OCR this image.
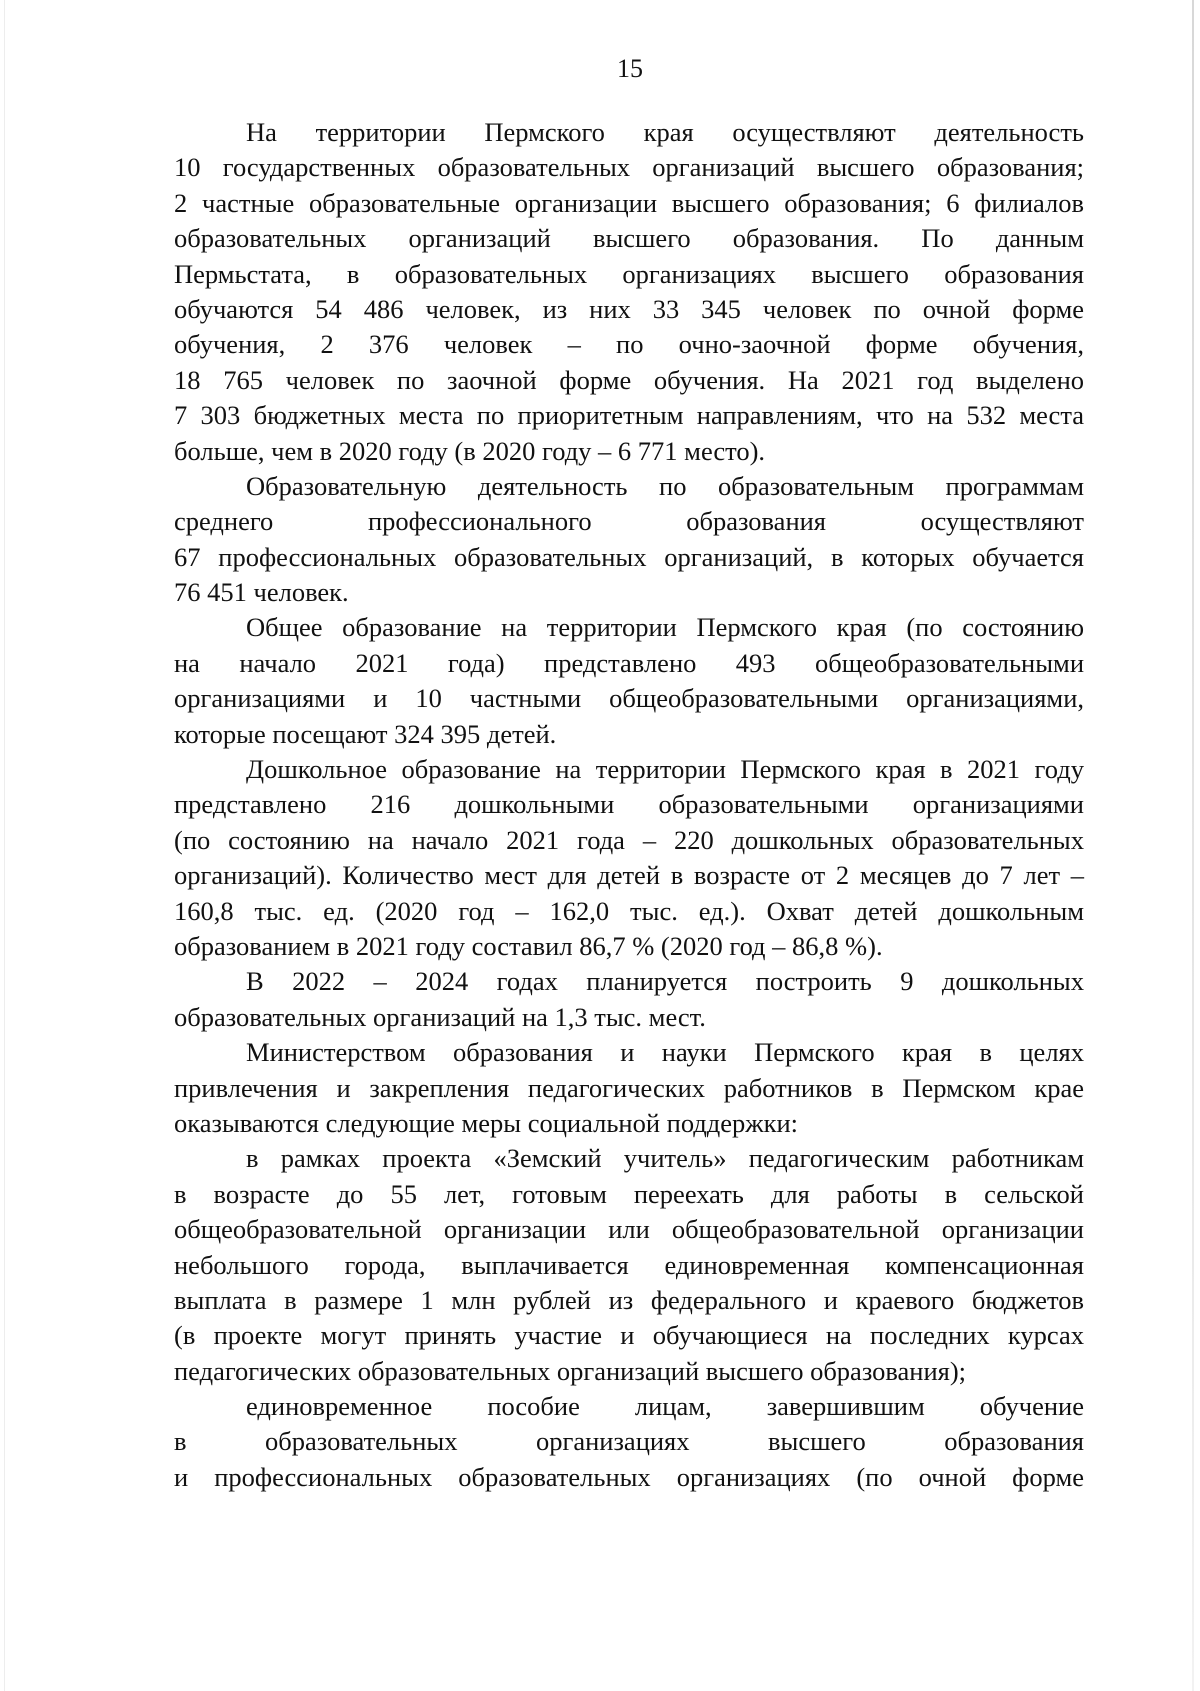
15

На территории Пермского края осуществляют деятельность
10 государственных образовательных организаций высшего образования;
2 частные образовательные организации высшего образования; 6 филиалов
образовательных организаций высшего образования. По данным
Пермьстата, в образовательных организациях высшего образования
обучаются 54 486 человек, из них 33 345 человек по очной форме
обучения, 2 376 человек – по очно-заочной форме обучения,
18 765 человек по заочной форме обучения. На 2021 год выделено
7 303 бюджетных места по приоритетным направлениям, что на 532 места
больше, чем в 2020 году (в 2020 году – 6 771 место).

Образовательную деятельность по образовательным программам
среднего профессионального образования осуществляют
67 профессиональных образовательных организаций, в которых обучается
76 451 человек.

Общее образование на территории Пермского края (по состоянию
на начало 2021 года) представлено 493 общеобразовательными
организациями и 10 частными общеобразовательными организациями,
которые посещают 324 395 детей.

Дошкольное образование на территории Пермского края в 2021 году
представлено 216 дошкольными образовательными организациями
(по состоянию на начало 2021 года – 220 дошкольных образовательных
организаций). Количество мест для детей в возрасте от 2 месяцев до 7 лет –
160,8 тыс. ед. (2020 год – 162,0 тыс. ед.). Охват детей дошкольным
образованием в 2021 году составил 86,7 % (2020 год – 86,8 %).

В 2022 – 2024 годах планируется построить 9 дошкольных
образовательных организаций на 1,3 тыс. мест.

Министерством образования и науки Пермского края в целях
привлечения и закрепления педагогических работников в Пермском крае
оказываются следующие меры социальной поддержки:

в рамках проекта «Земский учитель» педагогическим работникам
в возрасте до 55 лет, готовым переехать для работы в сельской
общеобразовательной организации или общеобразовательной организации
небольшого города, выплачивается единовременная компенсационная
выплата в размере 1 млн рублей из федерального и краевого бюджетов
(в проекте могут принять участие и обучающиеся на последних курсах
педагогических образовательных организаций высшего образования);

единовременное пособие лицам, завершившим обучение
в образовательных организациях высшего образования
и профессиональных образовательных организациях (по очной форме
